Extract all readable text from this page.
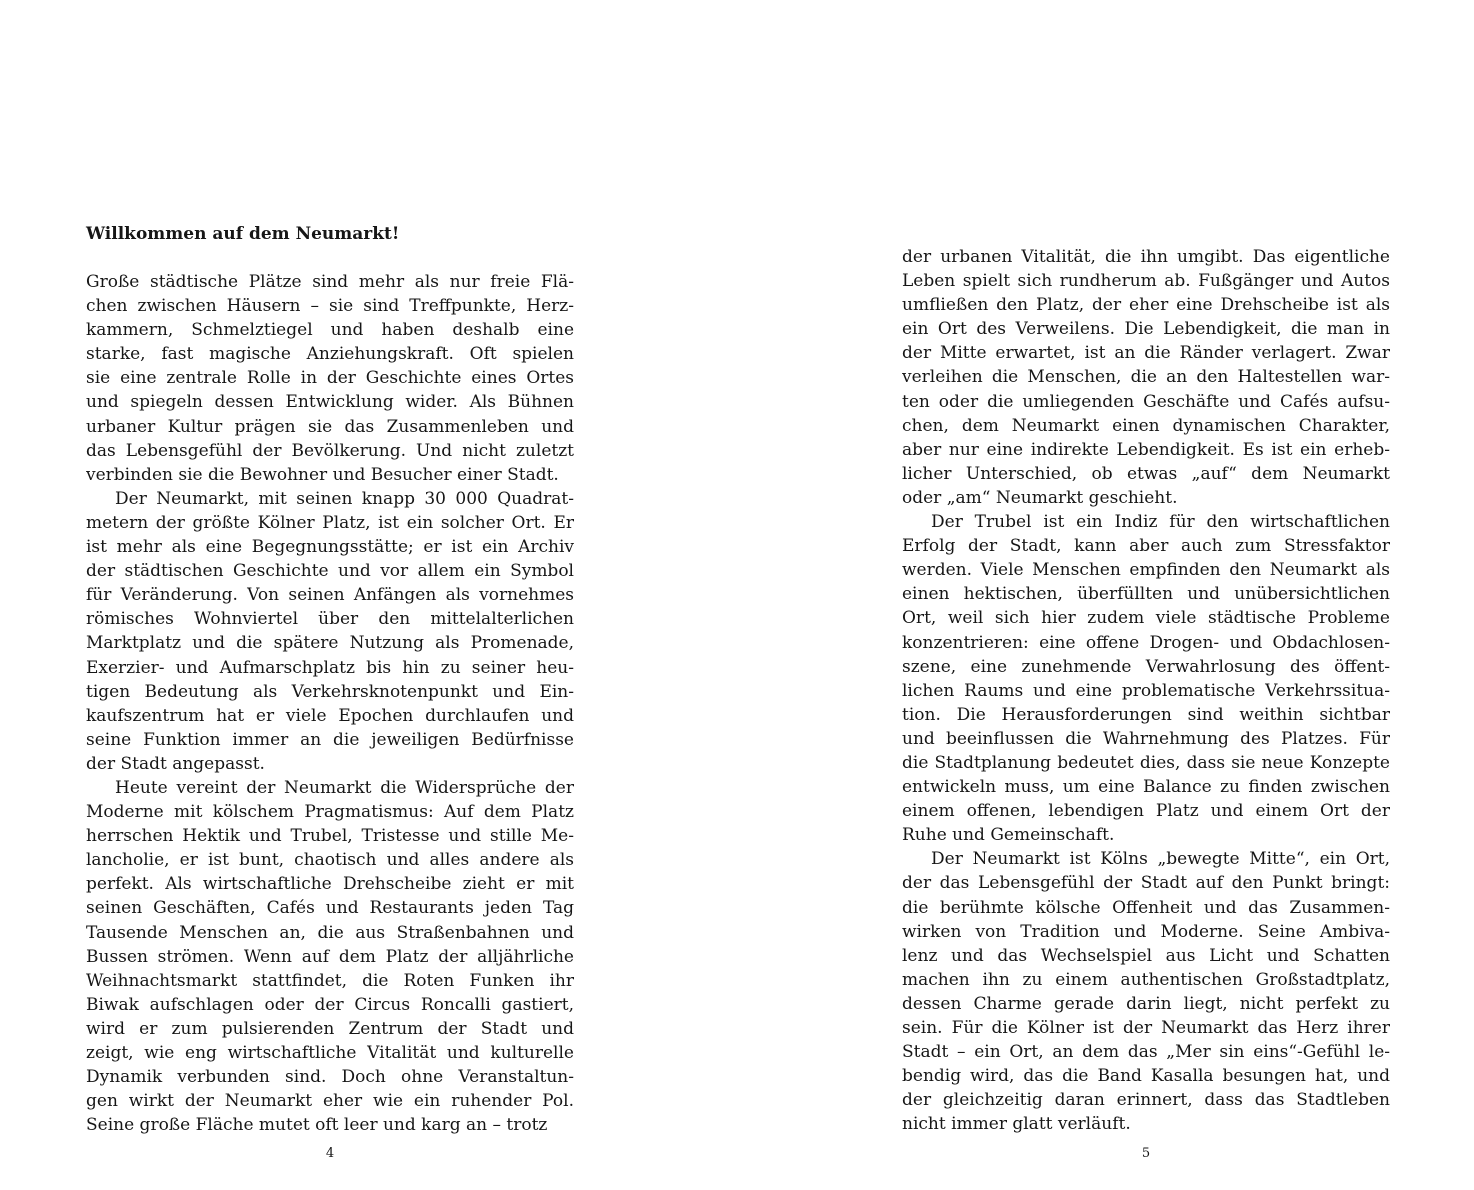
Willkommen auf dem Neumarkt!
Große städtische Plätze sind mehr als nur freie Flä-
chen zwischen Häusern – sie sind Treffpunkte, Herz-
kammern, Schmelztiegel und haben deshalb eine
starke, fast magische Anziehungskraft. Oft spielen
sie eine zentrale Rolle in der Geschichte eines Ortes
und spiegeln dessen Entwicklung wider. Als Bühnen
urbaner Kultur prägen sie das Zusammenleben und
das Lebensgefühl der Bevölkerung. Und nicht zuletzt
verbinden sie die Bewohner und Besucher einer Stadt.
Der Neumarkt, mit seinen knapp 30 000 Quadrat-
metern der größte Kölner Platz, ist ein solcher Ort. Er
ist mehr als eine Begegnungsstätte; er ist ein Archiv
der städtischen Geschichte und vor allem ein Symbol
für Veränderung. Von seinen Anfängen als vornehmes
römisches Wohnviertel über den mittelalterlichen
Marktplatz und die spätere Nutzung als Promenade,
Exerzier- und Aufmarschplatz bis hin zu seiner heu-
tigen Bedeutung als Verkehrsknotenpunkt und Ein-
kaufszentrum hat er viele Epochen durchlaufen und
seine Funktion immer an die jeweiligen Bedürfnisse
der Stadt angepasst.
Heute vereint der Neumarkt die Widersprüche der
Moderne mit kölschem Pragmatismus: Auf dem Platz
herrschen Hektik und Trubel, Tristesse und stille Me-
lancholie, er ist bunt, chaotisch und alles andere als
perfekt. Als wirtschaftliche Drehscheibe zieht er mit
seinen Geschäften, Cafés und Restaurants jeden Tag
Tausende Menschen an, die aus Straßenbahnen und
Bussen strömen. Wenn auf dem Platz der alljährliche
Weihnachtsmarkt stattfindet, die Roten Funken ihr
Biwak aufschlagen oder der Circus Roncalli gastiert,
wird er zum pulsierenden Zentrum der Stadt und
zeigt, wie eng wirtschaftliche Vitalität und kulturelle
Dynamik verbunden sind. Doch ohne Veranstaltun-
gen wirkt der Neumarkt eher wie ein ruhender Pol.
Seine große Fläche mutet oft leer und karg an – trotz
4
der urbanen Vitalität, die ihn umgibt. Das eigentliche
Leben spielt sich rundherum ab. Fußgänger und Autos
umfließen den Platz, der eher eine Drehscheibe ist als
ein Ort des Verweilens. Die Lebendigkeit, die man in
der Mitte erwartet, ist an die Ränder verlagert. Zwar
verleihen die Menschen, die an den Haltestellen war-
ten oder die umliegenden Geschäfte und Cafés aufsu-
chen, dem Neumarkt einen dynamischen Charakter,
aber nur eine indirekte Lebendigkeit. Es ist ein erheb-
licher Unterschied, ob etwas „auf“ dem Neumarkt
oder „am“ Neumarkt geschieht.
Der Trubel ist ein Indiz für den wirtschaftlichen
Erfolg der Stadt, kann aber auch zum Stressfaktor
werden. Viele Menschen empfinden den Neumarkt als
einen hektischen, überfüllten und unübersichtlichen
Ort, weil sich hier zudem viele städtische Probleme
konzentrieren: eine offene Drogen- und Obdachlosen-
szene, eine zunehmende Verwahrlosung des öffent-
lichen Raums und eine problematische Verkehrssitua-
tion. Die Herausforderungen sind weithin sichtbar
und beeinflussen die Wahrnehmung des Platzes. Für
die Stadtplanung bedeutet dies, dass sie neue Konzepte
entwickeln muss, um eine Balance zu finden zwischen
einem offenen, lebendigen Platz und einem Ort der
Ruhe und Gemeinschaft.
Der Neumarkt ist Kölns „bewegte Mitte“, ein Ort,
der das Lebensgefühl der Stadt auf den Punkt bringt:
die berühmte kölsche Offenheit und das Zusammen-
wirken von Tradition und Moderne. Seine Ambiva-
lenz und das Wechselspiel aus Licht und Schatten
machen ihn zu einem authentischen Großstadtplatz,
dessen Charme gerade darin liegt, nicht perfekt zu
sein. Für die Kölner ist der Neumarkt das Herz ihrer
Stadt – ein Ort, an dem das „Mer sin eins“-Gefühl le-
bendig wird, das die Band Kasalla besungen hat, und
der gleichzeitig daran erinnert, dass das Stadtleben
nicht immer glatt verläuft.
5
